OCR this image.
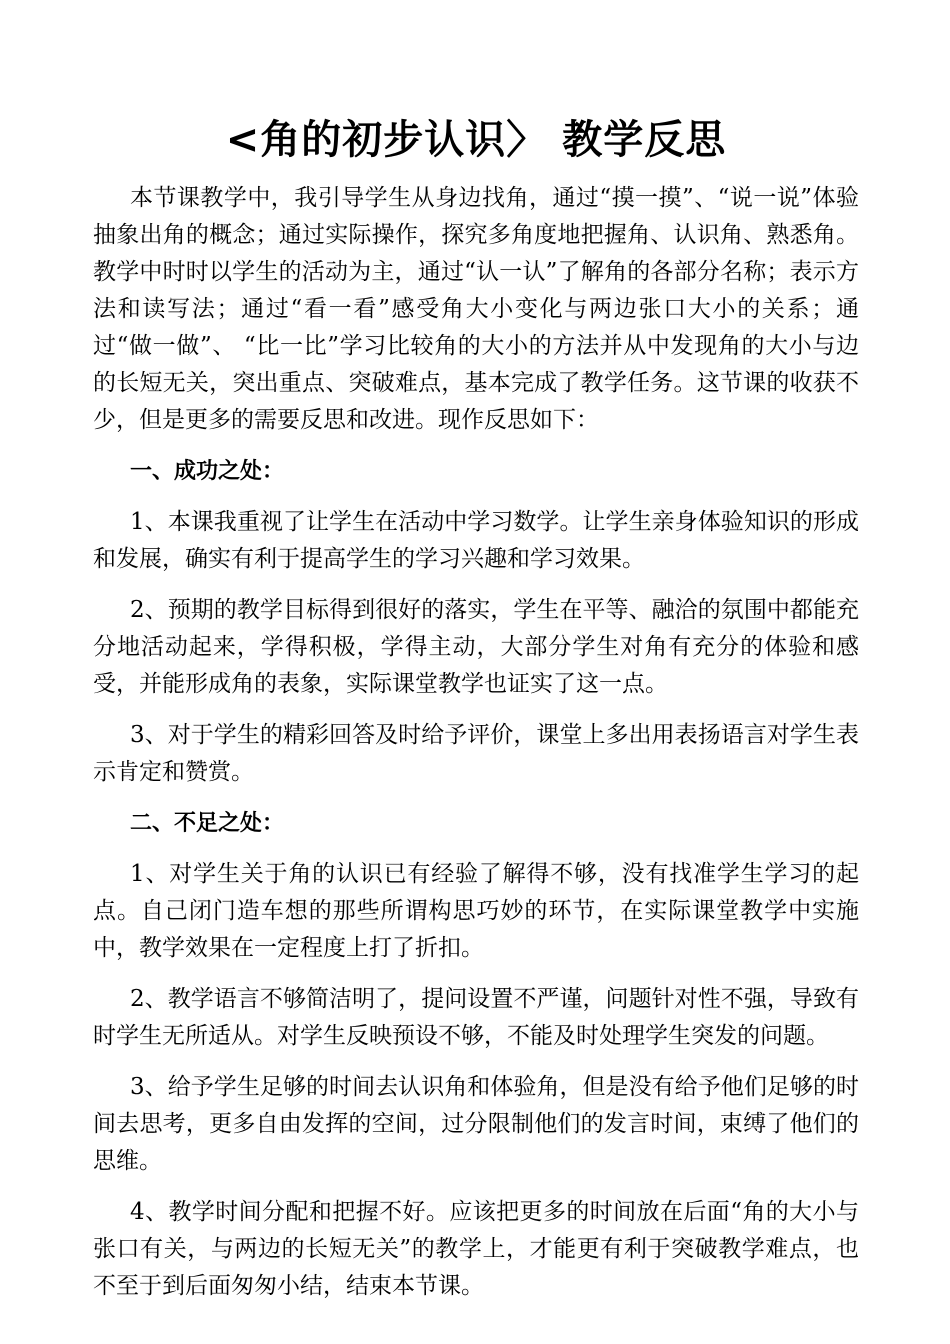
<角的初步认识〉 教学反思

本节课教学中，我引导学生从身边找角，通过“摸一摸”、“说一说”体验抽象出角的概念；通过实际操作，探究多角度地把握角、认识角、熟悉角。教学中时时以学生的活动为主，通过“认一认”了解角的各部分名称；表示方法和读写法；通过“看一看”感受角大小变化与两边张口大小的关系；通过“做一做”、 “比一比”学习比较角的大小的方法并从中发现角的大小与边的长短无关，突出重点、突破难点，基本完成了教学任务。这节课的收获不少，但是更多的需要反思和改进。现作反思如下：

一、成功之处：

1、本课我重视了让学生在活动中学习数学。让学生亲身体验知识的形成和发展，确实有利于提高学生的学习兴趣和学习效果。

2、预期的教学目标得到很好的落实，学生在平等、融洽的氛围中都能充分地活动起来，学得积极，学得主动，大部分学生对角有充分的体验和感受，并能形成角的表象，实际课堂教学也证实了这一点。

3、对于学生的精彩回答及时给予评价，课堂上多出用表扬语言对学生表示肯定和赞赏。

二、不足之处：

1、对学生关于角的认识已有经验了解得不够，没有找准学生学习的起点。自己闭门造车想的那些所谓构思巧妙的环节，在实际课堂教学中实施中，教学效果在一定程度上打了折扣。

2、教学语言不够简洁明了，提问设置不严谨，问题针对性不强，导致有时学生无所适从。对学生反映预设不够，不能及时处理学生突发的问题。

3、给予学生足够的时间去认识角和体验角，但是没有给予他们足够的时间去思考，更多自由发挥的空间，过分限制他们的发言时间，束缚了他们的思维。

4、教学时间分配和把握不好。应该把更多的时间放在后面“角的大小与张口有关，与两边的长短无关”的教学上，才能更有利于突破教学难点，也不至于到后面匆匆小结，结束本节课。
